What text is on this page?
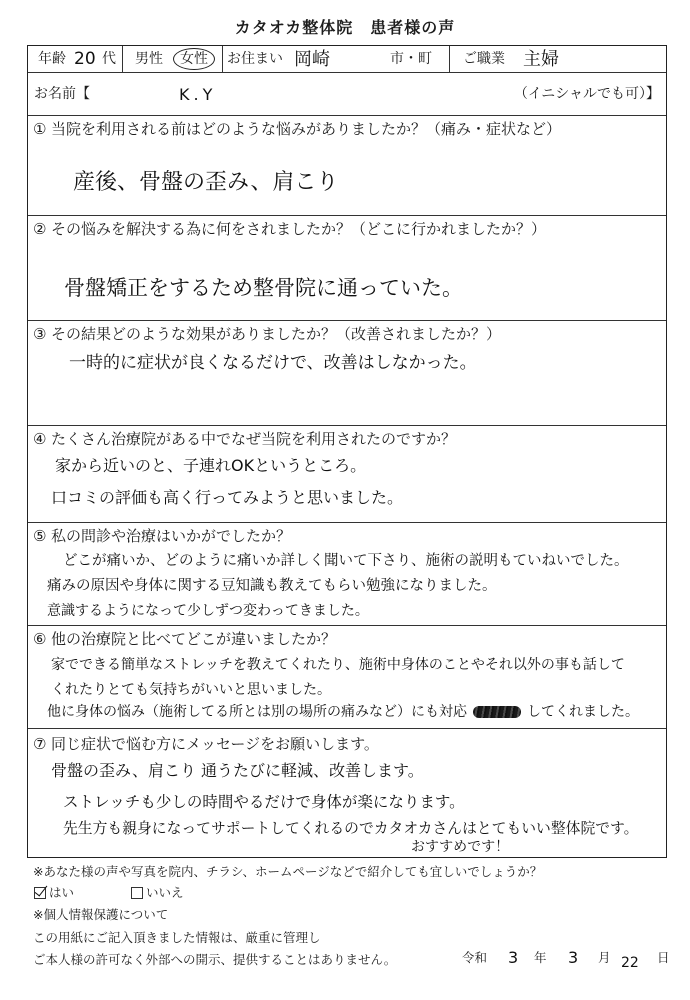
カタオカ整体院　患者様の声
年齢 20 代 男性 女性 お住まい 岡崎	市・町 ご職業 主婦
お名前【	K.Y	（イニシャルでも可）】
① 当院を利用される前はどのような悩みがありましたか？（痛み・症状など）
産後、骨盤の歪み、肩こり
② その悩みを解決する為に何をされましたか？（どこに行かれましたか？）
骨盤矯正をするため整骨院に通っていた。
③ その結果どのような効果がありましたか？（改善されましたか？）
一時的に症状が良くなるだけで、改善はしなかった。
④ たくさん治療院がある中でなぜ当院を利用されたのですか？
家から近いのと、子連れOKというところ。
口コミの評価も高く行ってみようと思いました。
⑤ 私の問診や治療はいかがでしたか？
どこが痛いか、どのように痛いか詳しく聞いて下さり、施術の説明もていねいでした。
痛みの原因や身体に関する豆知識も教えてもらい勉強になりました。
意識するようになって少しずつ変わってきました。
⑥ 他の治療院と比べてどこが違いましたか？
家でできる簡単なストレッチを教えてくれたり、施術中身体のことやそれ以外の事も話して
くれたりとても気持ちがいいと思いました。
他に身体の悩み（施術してる所とは別の場所の痛みなど）にも対応	してくれました。
⑦ 同じ症状で悩む方にメッセージをお願いします。
骨盤の歪み、肩こり 通うたびに軽減、改善します。
ストレッチも少しの時間やるだけで身体が楽になります。
先生方も親身になってサポートしてくれるのでカタオカさんはとてもいい整体院です。
おすすめです！
※あなた様の声や写真を院内、チラシ、ホームページなどで紹介しても宜しいでしょうか？
はい	いいえ
※個人情報保護について
この用紙にご記入頂きました情報は、厳重に管理し
ご本人様の許可なく外部への開示、提供することはありません。	令和 3 年 3 月 22 日
